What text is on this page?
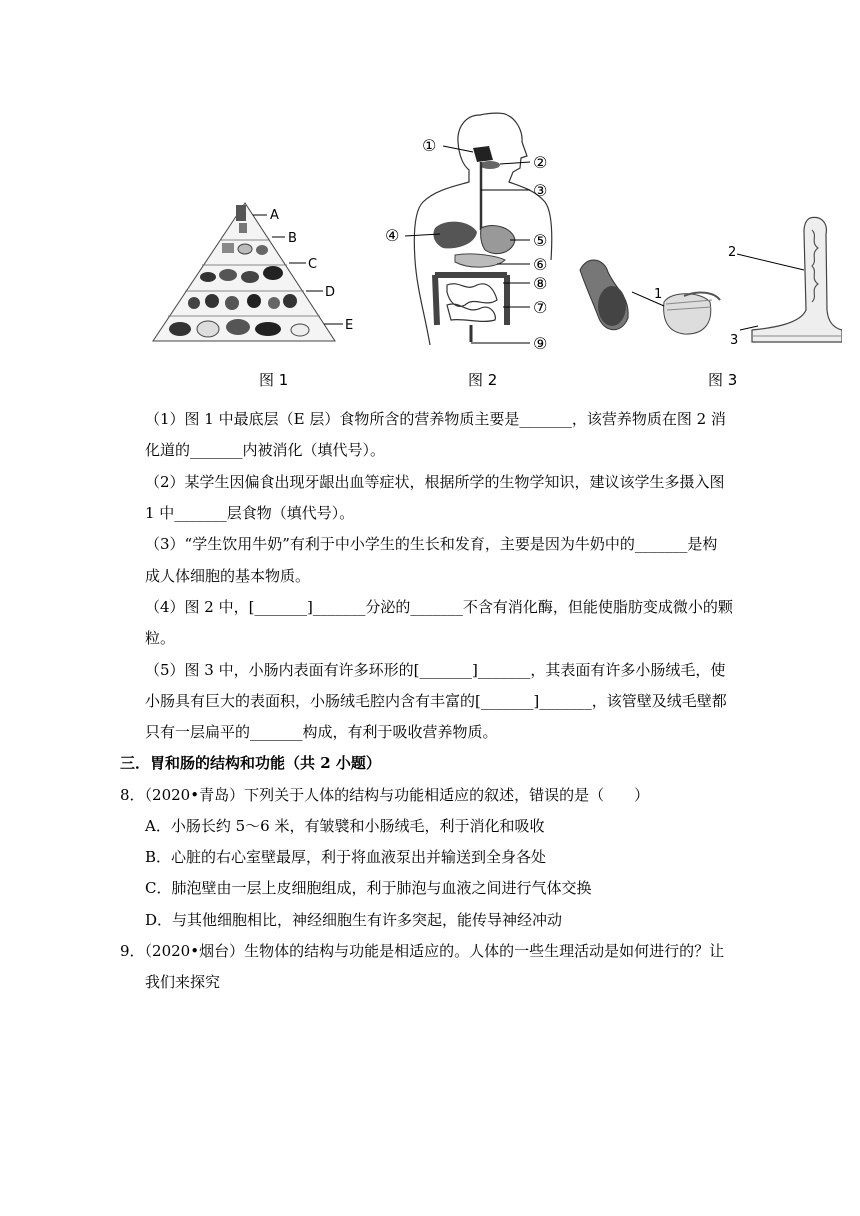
A
B
C
D
E
①
②
③
④	⑤
⑥
⑧
⑦
⑨
1
2
3
图 1	图 2	图 3
（1）图 1 中最底层（E 层）食物所含的营养物质主要是_______，该营养物质在图 2 消
化道的_______内被消化（填代号）。
（2）某学生因偏食出现牙龈出血等症状，根据所学的生物学知识，建议该学生多摄入图
1 中_______层食物（填代号）。
（3）“学生饮用牛奶”有利于中小学生的生长和发育，主要是因为牛奶中的_______是构
成人体细胞的基本物质。
（4）图 2 中，[_______]_______分泌的_______不含有消化酶，但能使脂肪变成微小的颗
粒。
（5）图 3 中，小肠内表面有许多环形的[_______]_______，其表面有许多小肠绒毛，使
小肠具有巨大的表面积，小肠绒毛腔内含有丰富的[_______]_______，该管壁及绒毛壁都
只有一层扁平的_______构成，有利于吸收营养物质。
三．胃和肠的结构和功能（共 2 小题）
8．（2020•青岛）下列关于人体的结构与功能相适应的叙述，错误的是（　　）
A．小肠长约 5～6 米，有皱襞和小肠绒毛，利于消化和吸收
B．心脏的右心室壁最厚，利于将血液泵出并输送到全身各处
C．肺泡壁由一层上皮细胞组成，利于肺泡与血液之间进行气体交换
D．与其他细胞相比，神经细胞生有许多突起，能传导神经冲动
9．（2020•烟台）生物体的结构与功能是相适应的。人体的一些生理活动是如何进行的？让
我们来探究
